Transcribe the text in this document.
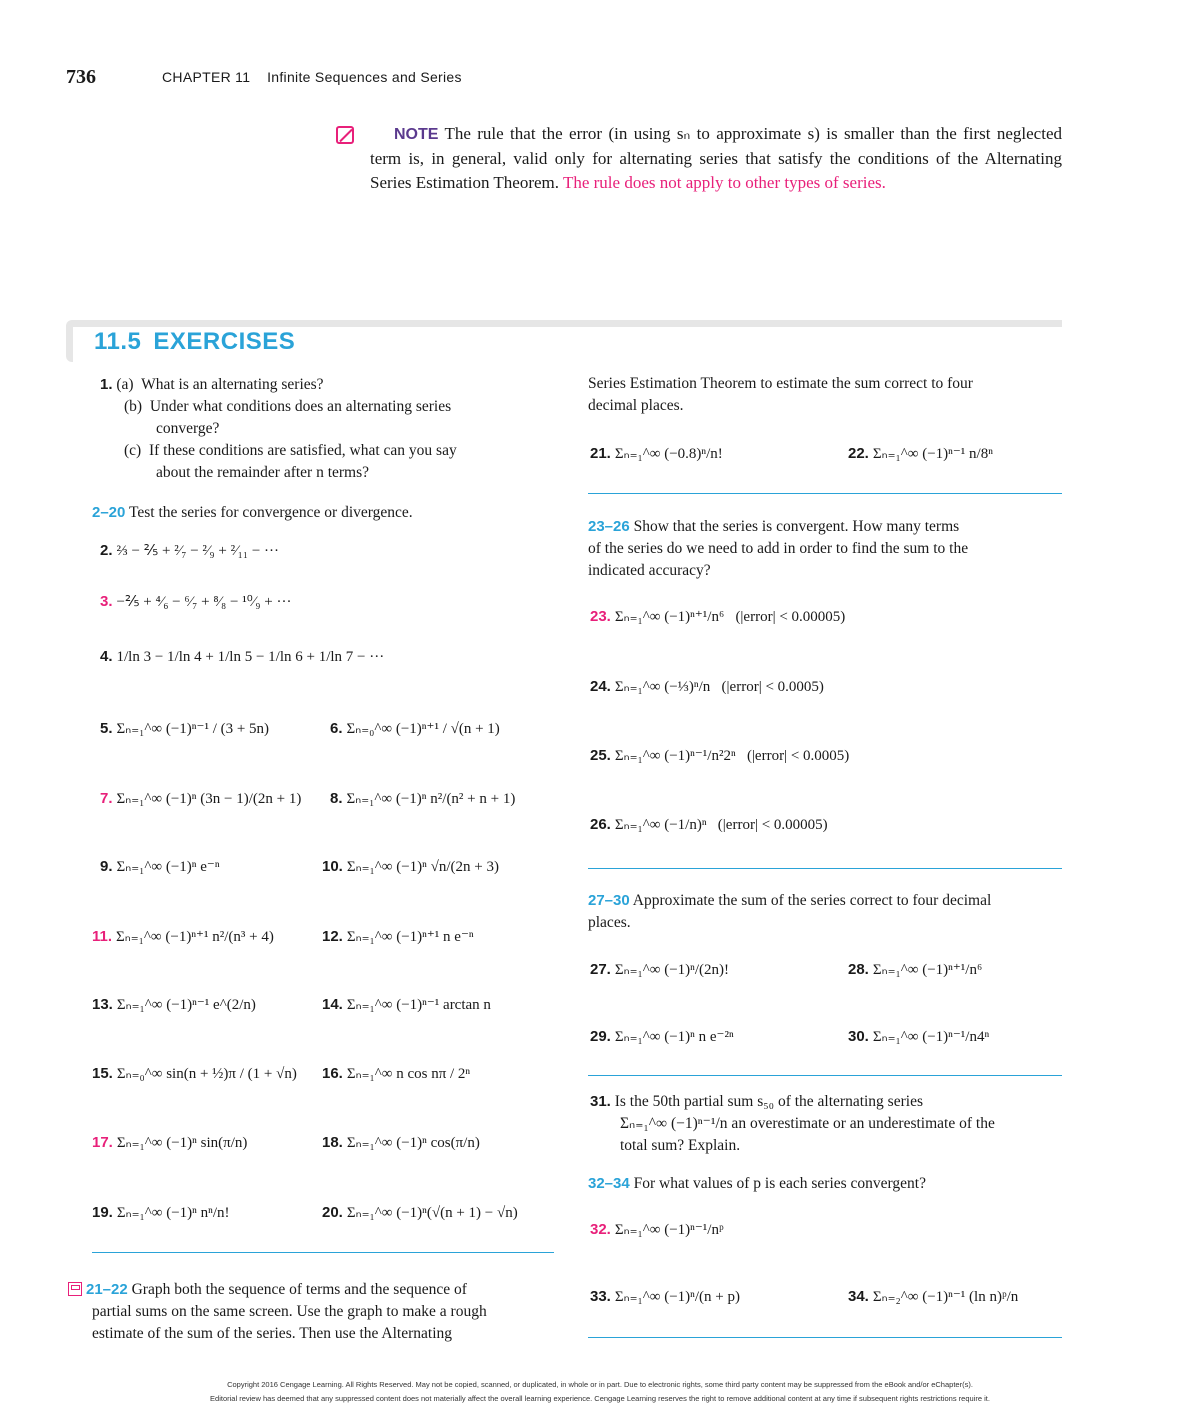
736	CHAPTER 11 Infinite Sequences and Series
NOTE The rule that the error (in using sₙ to approximate s) is smaller than the first neglected term is, in general, valid only for alternating series that satisfy the conditions of the Alternating Series Estimation Theorem. The rule does not apply to other types of series.
11.5 EXERCISES
1. (a) What is an alternating series?
(b) Under what conditions does an alternating series
converge?
(c) If these conditions are satisfied, what can you say
about the remainder after n terms?
2–20 Test the series for convergence or divergence.
2. ⅔ − ⅖ + ²⁄₇ − ²⁄₉ + ²⁄₁₁ − ···
3. −⅖ + ⁴⁄₆ − ⁶⁄₇ + ⁸⁄₈ − ¹⁰⁄₉ + ···
4. 1/ln 3 − 1/ln 4 + 1/ln 5 − 1/ln 6 + 1/ln 7 − ···
5. Σₙ₌₁^∞ (−1)ⁿ⁻¹ / (3 + 5n)	6. Σₙ₌₀^∞ (−1)ⁿ⁺¹ / √(n + 1)
7. Σₙ₌₁^∞ (−1)ⁿ (3n − 1)/(2n + 1) 8. Σₙ₌₁^∞ (−1)ⁿ n²/(n² + n + 1)
9. Σₙ₌₁^∞ (−1)ⁿ e⁻ⁿ	10. Σₙ₌₁^∞ (−1)ⁿ √n/(2n + 3)
11. Σₙ₌₁^∞ (−1)ⁿ⁺¹ n²/(n³ + 4)	12. Σₙ₌₁^∞ (−1)ⁿ⁺¹ n e⁻ⁿ
13. Σₙ₌₁^∞ (−1)ⁿ⁻¹ e^(2/n)	14. Σₙ₌₁^∞ (−1)ⁿ⁻¹ arctan n
15. Σₙ₌₀^∞ sin(n + ½)π / (1 + √n) 16. Σₙ₌₁^∞ n cos nπ / 2ⁿ
17. Σₙ₌₁^∞ (−1)ⁿ sin(π/n)	18. Σₙ₌₁^∞ (−1)ⁿ cos(π/n)
19. Σₙ₌₁^∞ (−1)ⁿ nⁿ/n!	20. Σₙ₌₁^∞ (−1)ⁿ(√(n + 1) − √n)
21–22 Graph both the sequence of terms and the sequence of
partial sums on the same screen. Use the graph to make a rough
estimate of the sum of the series. Then use the Alternating
Series Estimation Theorem to estimate the sum correct to four
decimal places.
21. Σₙ₌₁^∞ (−0.8)ⁿ/n!	22. Σₙ₌₁^∞ (−1)ⁿ⁻¹ n/8ⁿ
23–26 Show that the series is convergent. How many terms
of the series do we need to add in order to find the sum to the
indicated accuracy?
23. Σₙ₌₁^∞ (−1)ⁿ⁺¹/n⁶ (|error| < 0.00005)
24. Σₙ₌₁^∞ (−⅓)ⁿ/n (|error| < 0.0005)
25. Σₙ₌₁^∞ (−1)ⁿ⁻¹/n²2ⁿ (|error| < 0.0005)
26. Σₙ₌₁^∞ (−1/n)ⁿ (|error| < 0.00005)
27–30 Approximate the sum of the series correct to four decimal
places.
27. Σₙ₌₁^∞ (−1)ⁿ/(2n)!	28. Σₙ₌₁^∞ (−1)ⁿ⁺¹/n⁶
29. Σₙ₌₁^∞ (−1)ⁿ n e⁻²ⁿ	30. Σₙ₌₁^∞ (−1)ⁿ⁻¹/n4ⁿ
31. Is the 50th partial sum s₅₀ of the alternating series
Σₙ₌₁^∞ (−1)ⁿ⁻¹/n an overestimate or an underestimate of the
total sum? Explain.
32–34 For what values of p is each series convergent?
32. Σₙ₌₁^∞ (−1)ⁿ⁻¹/nᵖ
33. Σₙ₌₁^∞ (−1)ⁿ/(n + p)	34. Σₙ₌₂^∞ (−1)ⁿ⁻¹ (ln n)ᵖ/n
Copyright 2016 Cengage Learning. All Rights Reserved. May not be copied, scanned, or duplicated, in whole or in part. Due to electronic rights, some third party content may be suppressed from the eBook and/or eChapter(s).
Editorial review has deemed that any suppressed content does not materially affect the overall learning experience. Cengage Learning reserves the right to remove additional content at any time if subsequent rights restrictions require it.
